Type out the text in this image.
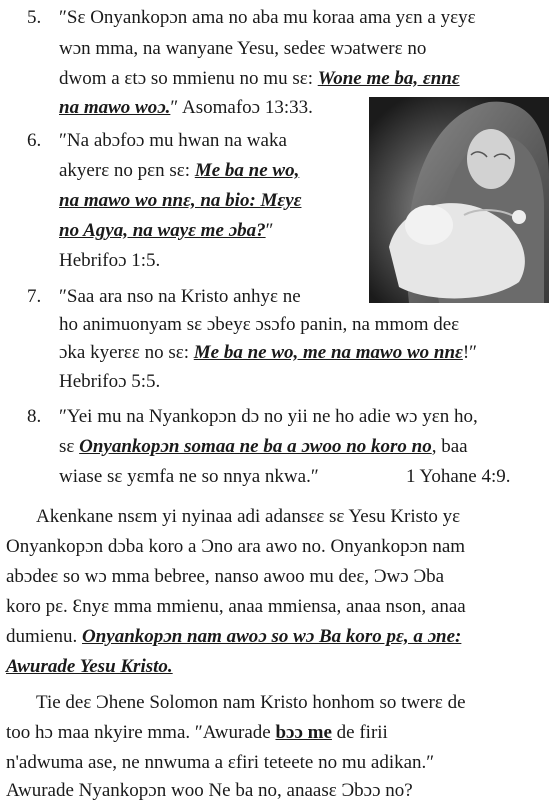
5. ″Sɛ Onyankopɔn ama no aba mu koraa ama yɛn a yɛyɛ
wɔn mma, na wanyane Yesu, sedeɛ wɔatwerɛ no
dwom a ɛtɔ so mmienu no mu sɛ: Wone me ba, ɛnnɛ
na mawo woɔ.″ Asomafoɔ 13:33.
6. ″Na abɔfoɔ mu hwan na waka
akyerɛ no pɛn sɛ: Me ba ne wo,
na mawo wo nnɛ, na bio: Mɛyɛ
no Agya, na wayɛ me ɔba?″
Hebrifoɔ 1:5.
7. ″Saa ara nso na Kristo anhyɛ ne
ho animuonyam sɛ ɔbeyɛ ɔsɔfo panin, na mmom deɛ
ɔka kyerɛɛ no sɛ: Me ba ne wo, me na mawo wo nnɛ!″
Hebrifoɔ 5:5.
8. ″Yei mu na Nyankopɔn dɔ no yii ne ho adie wɔ yɛn ho,
sɛ Onyankopɔn somaa ne ba a ɔwoo no koro no, baa
wiase sɛ yɛmfa ne so nnya nkwa.″	1 Yohane 4:9.
Akenkane nsɛm yi nyinaa adi adansɛɛ sɛ Yesu Kristo yɛ
Onyankopɔn dɔba koro a Ɔno ara awo no. Onyankopɔn nam
abɔdeɛ so wɔ mma bebree, nanso awoo mu deɛ, Ɔwɔ Ɔba
koro pɛ. Ɛnyɛ mma mmienu, anaa mmiensa, anaa nson, anaa
dumienu. Onyankopɔn nam awoɔ so wɔ Ba koro pɛ, a ɔne:
Awurade Yesu Kristo.
Tie deɛ Ɔhene Solomon nam Kristo honhom so twerɛ de
too hɔ maa nkyire mma. ″Awurade bɔɔ me de firii
n'adwuma ase, ne nnwuma a ɛfiri teteete no mu adikan.″
Awurade Nyankopɔn woo Ne ba no, anaasɛ Ɔbɔɔ no?
